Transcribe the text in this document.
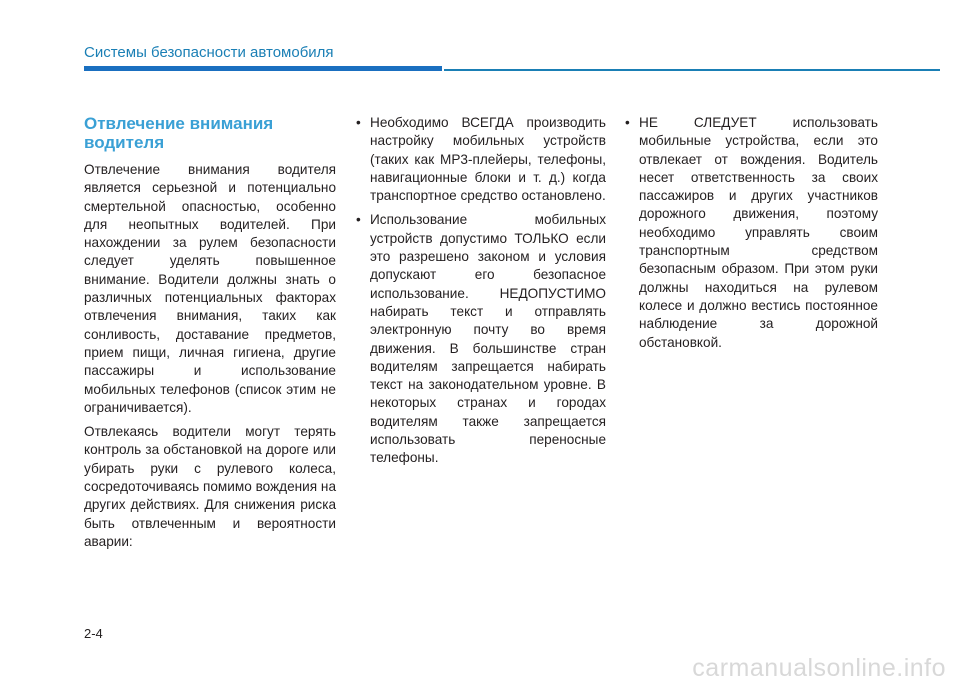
Системы безопасности автомобиля
Отвлечение внимания водителя

Отвлечение внимания водителя является серьезной и потенциально смертельной опасностью, особенно для неопытных водителей. При нахождении за рулем безопасности следует уделять повышенное внимание. Водители должны знать о различных потенциальных факторах отвлечения внимания, таких как сонливость, доставание предметов, прием пищи, личная гигиена, другие пассажиры и использование мобильных телефонов (список этим не ограничивается).

Отвлекаясь водители могут терять контроль за обстановкой на дороге или убирать руки с рулевого колеса, сосредоточиваясь помимо вождения на других действиях. Для снижения риска быть отвлеченным и вероятности аварии:

• Необходимо ВСЕГДА производить настройку мобильных устройств (таких как MP3-плейеры, телефоны, навигационные блоки и т. д.) когда транспортное средство остановлено.
• Использование мобильных устройств допустимо ТОЛЬКО если это разрешено законом и условия допускают его безопасное использование. НЕДОПУСТИМО набирать текст и отправлять электронную почту во время движения. В большинстве стран водителям запрещается набирать текст на законодательном уровне. В некоторых странах и городах водителям также запрещается использовать переносные телефоны.
• НЕ СЛЕДУЕТ использовать мобильные устройства, если это отвлекает от вождения. Водитель несет ответственность за своих пассажиров и других участников дорожного движения, поэтому необходимо управлять своим транспортным средством безопасным образом. При этом руки должны находиться на рулевом колесе и должно вестись постоянное наблюдение за дорожной обстановкой.
2-4
carmanualsonline.info
